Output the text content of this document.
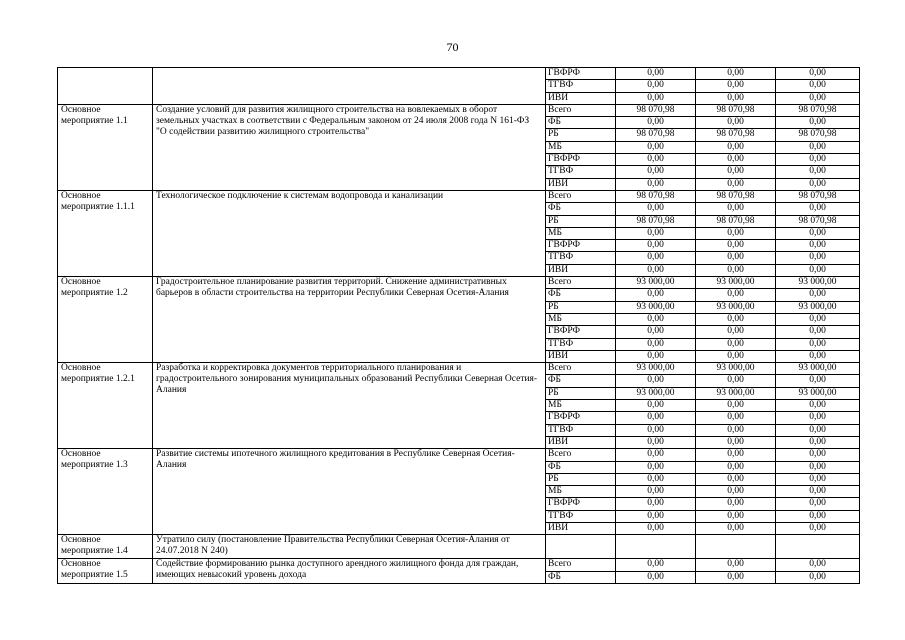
70
		ГВФРФ	0,00	0,00	0,00
		ТГВФ	0,00	0,00	0,00
		ИВИ	0,00	0,00	0,00
Основное мероприятие 1.1	Создание условий для развития жилищного строительства на вовлекаемых в оборот земельных участках в соответствии с Федеральным законом от 24 июля 2008 года N 161-ФЗ "О содействии развитию жилищного строительства"	Всего	98 070,98	98 070,98	98 070,98
		ФБ	0,00	0,00	0,00
		РБ	98 070,98	98 070,98	98 070,98
		МБ	0,00	0,00	0,00
		ГВФРФ	0,00	0,00	0,00
		ТГВФ	0,00	0,00	0,00
		ИВИ	0,00	0,00	0,00
Основное мероприятие 1.1.1	Технологическое подключение к системам водопровода и канализации	Всего	98 070,98	98 070,98	98 070,98
		ФБ	0,00	0,00	0,00
		РБ	98 070,98	98 070,98	98 070,98
		МБ	0,00	0,00	0,00
		ГВФРФ	0,00	0,00	0,00
		ТГВФ	0,00	0,00	0,00
		ИВИ	0,00	0,00	0,00
Основное мероприятие 1.2	Градостроительное планирование развития территорий. Снижение административных барьеров в области строительства на территории Республики Северная Осетия-Алания	Всего	93 000,00	93 000,00	93 000,00
		ФБ	0,00	0,00	0,00
		РБ	93 000,00	93 000,00	93 000,00
		МБ	0,00	0,00	0,00
		ГВФРФ	0,00	0,00	0,00
		ТГВФ	0,00	0,00	0,00
		ИВИ	0,00	0,00	0,00
Основное мероприятие 1.2.1	Разработка и корректировка документов территориального планирования и градостроительного зонирования муниципальных образований Республики Северная Осетия-Алания	Всего	93 000,00	93 000,00	93 000,00
		ФБ	0,00	0,00	0,00
		РБ	93 000,00	93 000,00	93 000,00
		МБ	0,00	0,00	0,00
		ГВФРФ	0,00	0,00	0,00
		ТГВФ	0,00	0,00	0,00
		ИВИ	0,00	0,00	0,00
Основное мероприятие 1.3	Развитие системы ипотечного жилищного кредитования в Республике Северная Осетия-Алания	Всего	0,00	0,00	0,00
		ФБ	0,00	0,00	0,00
		РБ	0,00	0,00	0,00
		МБ	0,00	0,00	0,00
		ГВФРФ	0,00	0,00	0,00
		ТГВФ	0,00	0,00	0,00
		ИВИ	0,00	0,00	0,00
Основное мероприятие 1.4	Утратило силу (постановление Правительства Республики Северная Осетия-Алания от 24.07.2018 N 240)				
Основное мероприятие 1.5	Содействие формированию рынка доступного арендного жилищного фонда для граждан, имеющих невысокий уровень дохода	Всего	0,00	0,00	0,00
		ФБ	0,00	0,00	0,00
